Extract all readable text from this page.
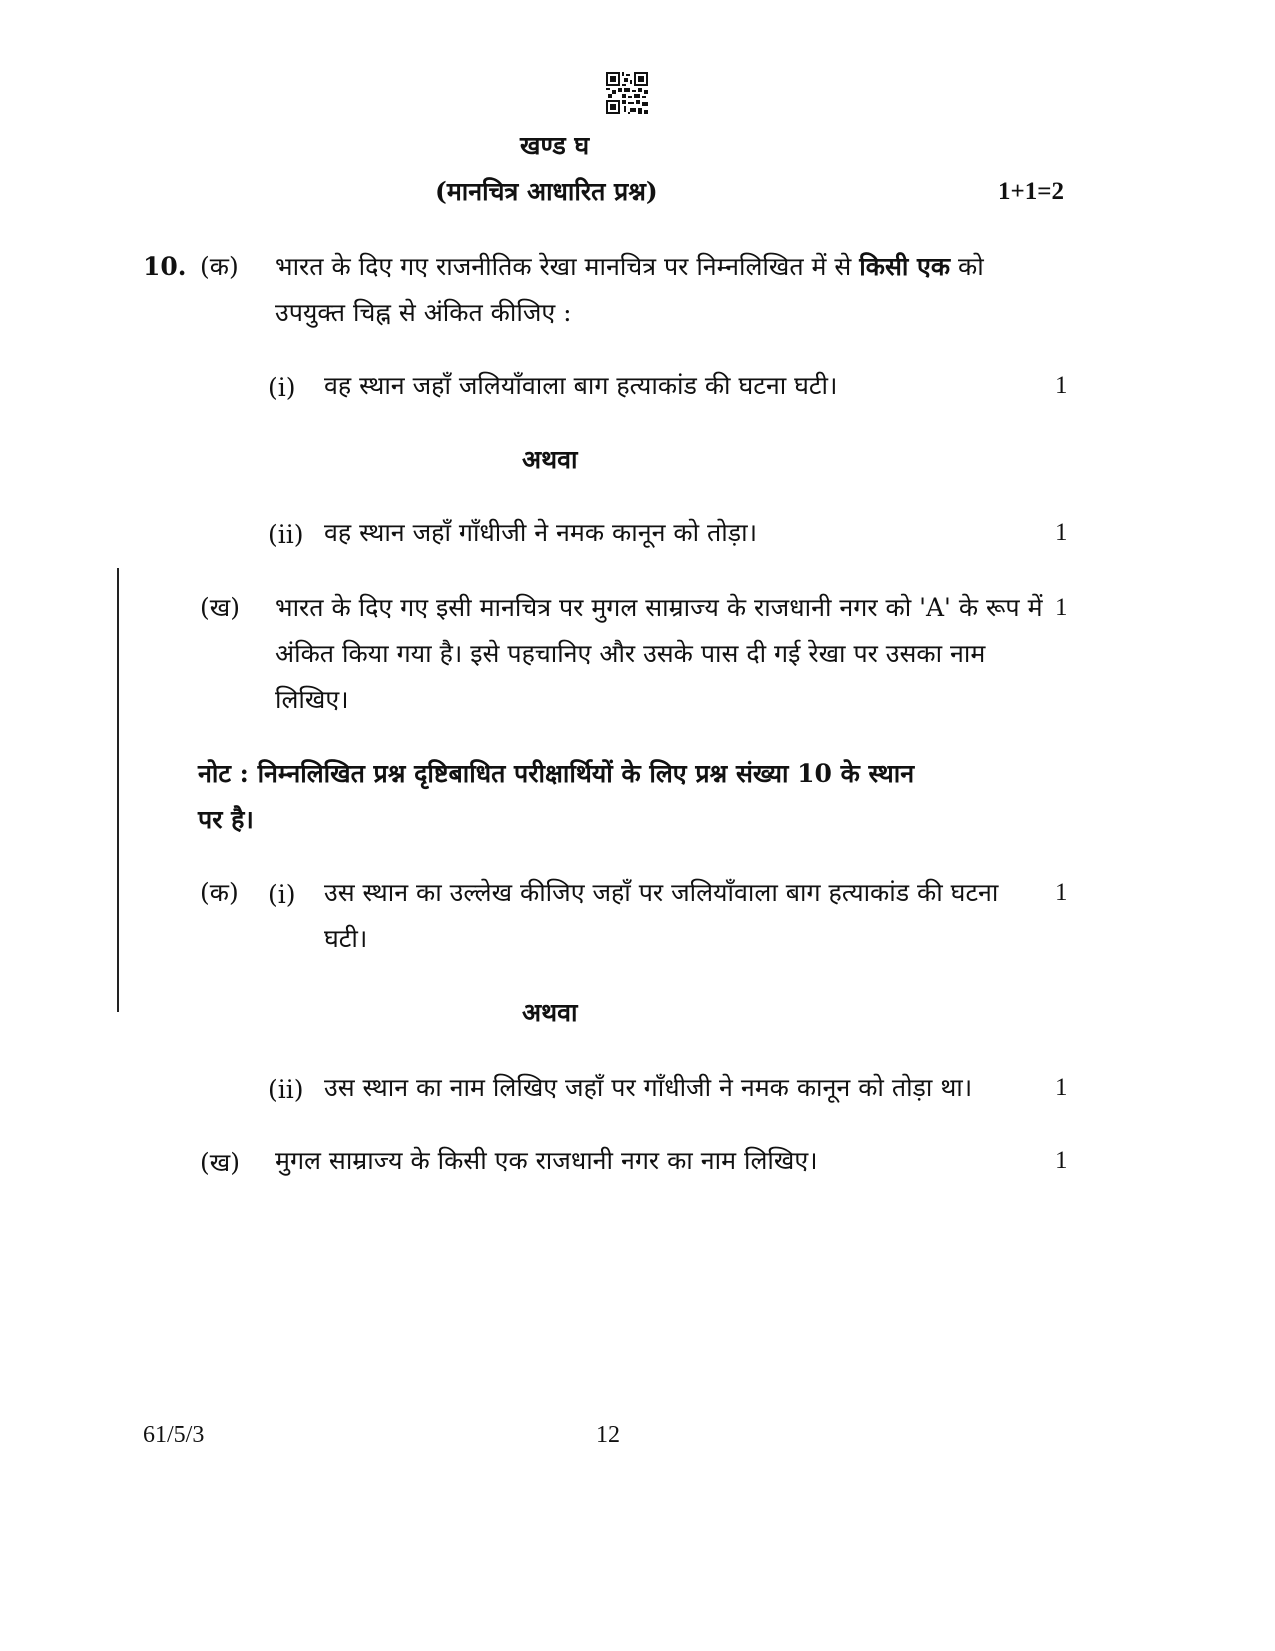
खण्ड घ
(मानचित्र आधारित प्रश्न)	1+1=2
10. (क) भारत के दिए गए राजनीतिक रेखा मानचित्र पर निम्नलिखित में से किसी एक को
उपयुक्त चिह्न से अंकित कीजिए :
(i) वह स्थान जहाँ जलियाँवाला बाग हत्याकांड की घटना घटी।	1
अथवा
(ii) वह स्थान जहाँ गाँधीजी ने नमक कानून को तोड़ा।	1
(ख) भारत के दिए गए इसी मानचित्र पर मुगल साम्राज्य के राजधानी नगर को 'A' के रूप में 1
अंकित किया गया है। इसे पहचानिए और उसके पास दी गई रेखा पर उसका नाम
लिखिए।
नोट : निम्नलिखित प्रश्न दृष्टिबाधित परीक्षार्थियों के लिए प्रश्न संख्या 10 के स्थान
पर है।
(क) (i) उस स्थान का उल्लेख कीजिए जहाँ पर जलियाँवाला बाग हत्याकांड की घटना 1
घटी।
अथवा
(ii) उस स्थान का नाम लिखिए जहाँ पर गाँधीजी ने नमक कानून को तोड़ा था।	1
(ख) मुगल साम्राज्य के किसी एक राजधानी नगर का नाम लिखिए।	1
61/5/3	12
